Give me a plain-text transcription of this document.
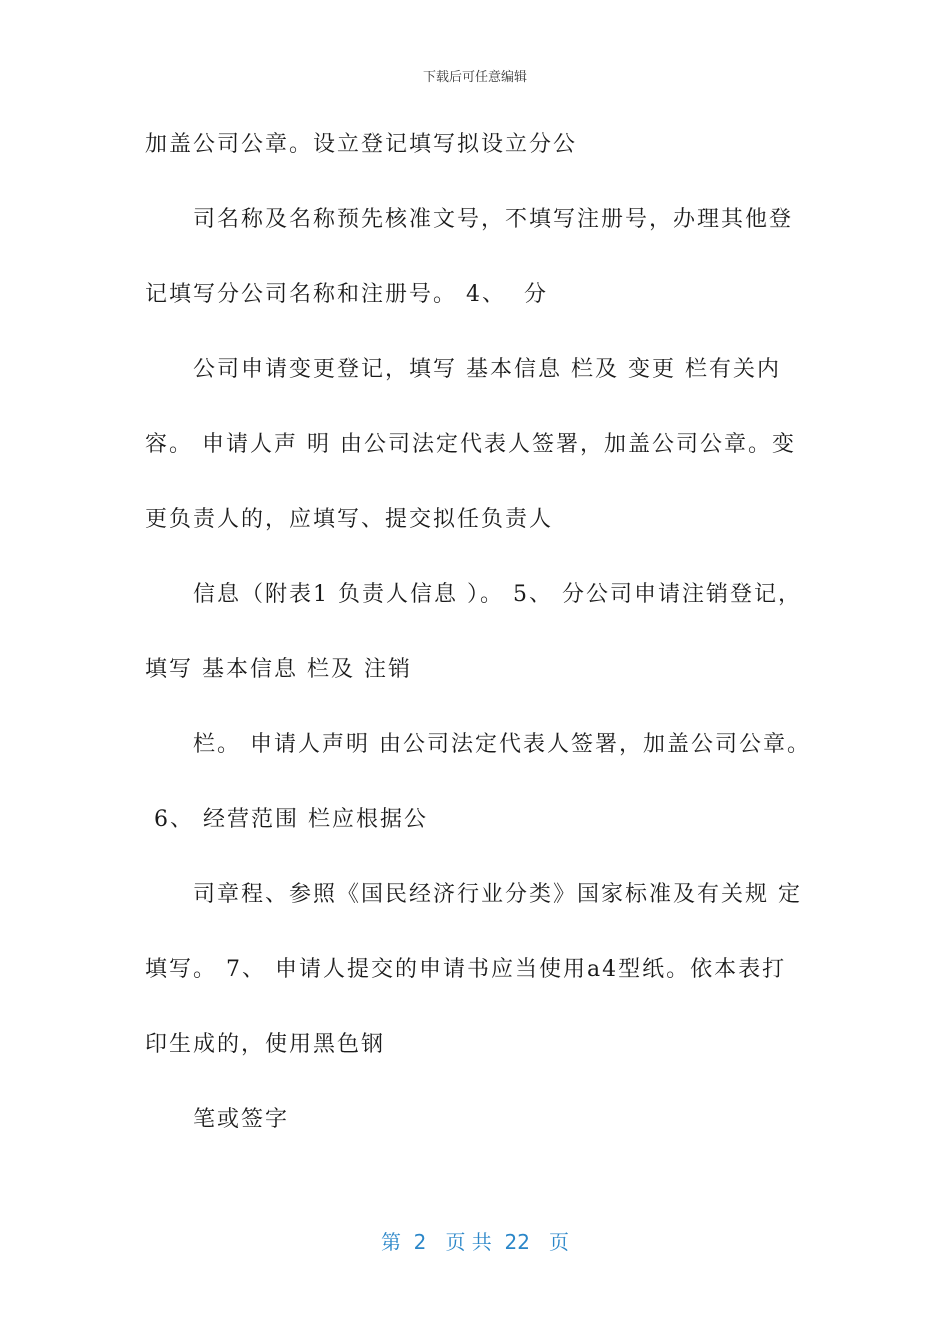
下载后可任意编辑
加盖公司公章。设立登记填写拟设立分公
司名称及名称预先核准文号，不填写注册号，办理其他登
记填写分公司名称和注册号。 4、  分
公司申请变更登记，填写 基本信息 栏及 变更 栏有关内
容。 申请人声 明 由公司法定代表人签署，加盖公司公章。变
更负责人的，应填写、提交拟任负责人
信息（附表1 负责人信息 ）。 5、 分公司申请注销登记，
填写 基本信息 栏及 注销
栏。 申请人声明 由公司法定代表人签署，加盖公司公章。
6、 经营范围 栏应根据公
司章程、参照《国民经济行业分类》国家标准及有关规 定
填写。 7、 申请人提交的申请书应当使用a4型纸。依本表打
印生成的，使用黑色钢
笔或签字
第  2   页 共  22   页
